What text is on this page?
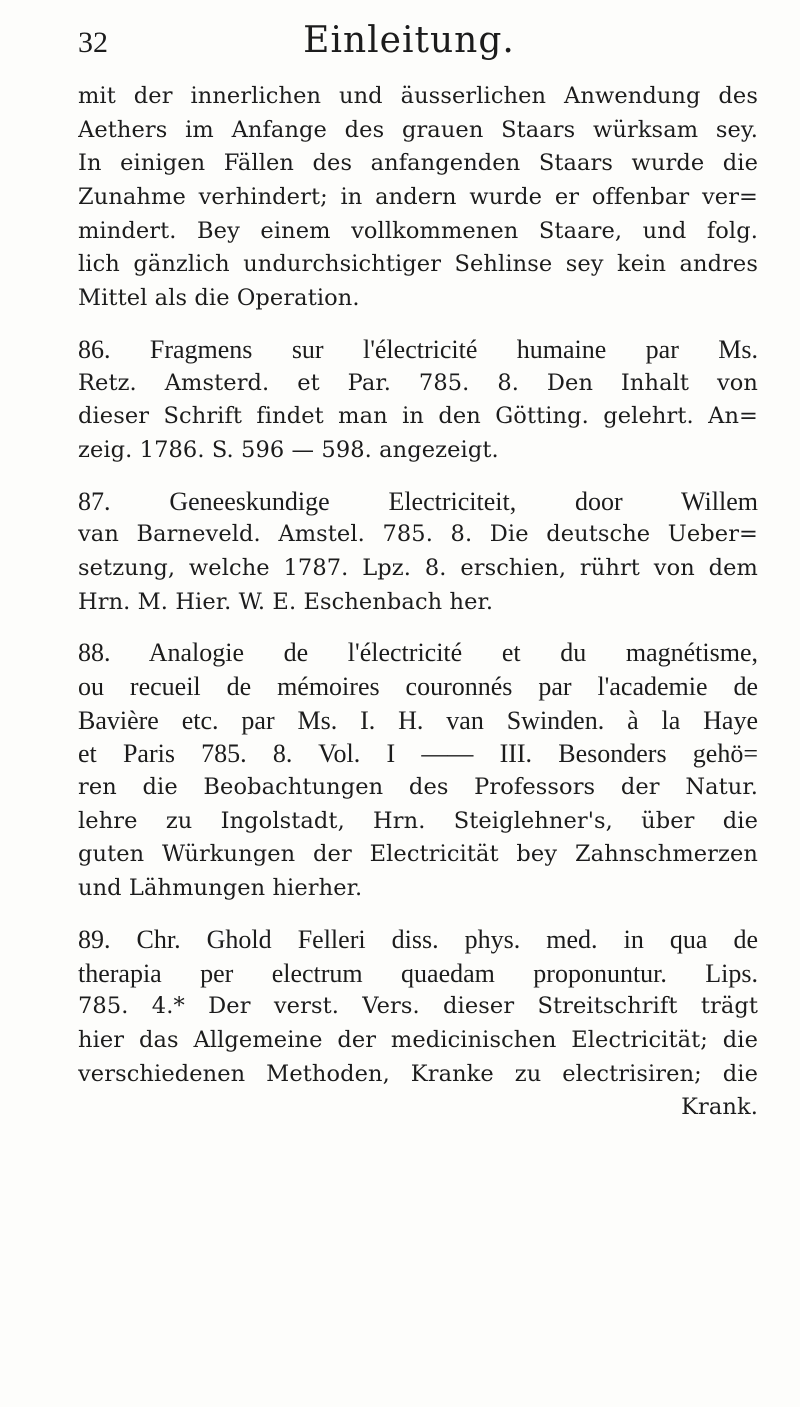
32	Einleitung.
mit der innerlichen und äusserlichen Anwendung des
Aethers im Anfange des grauen Staars würksam sey.
In einigen Fällen des anfangenden Staars wurde die
Zunahme verhindert; in andern wurde er offenbar ver=
mindert. Bey einem vollkommenen Staare, und folg.
lich gänzlich undurchsichtiger Sehlinse sey kein andres
Mittel als die Operation.
86. Fragmens sur l'électricité humaine par Ms.
Retz. Amsterd. et Par. 785. 8. Den Inhalt von
dieser Schrift findet man in den Götting. gelehrt. An=
zeig. 1786. S. 596 — 598. angezeigt.
87. Geneeskundige Electriciteit, door Willem
van Barneveld. Amstel. 785. 8. Die deutsche Ueber=
setzung, welche 1787. Lpz. 8. erschien, rührt von dem
Hrn. M. Hier. W. E. Eschenbach her.
88. Analogie de l'électricité et du magnétisme,
ou recueil de mémoires couronnés par l'academie de
Bavière etc. par Ms. I. H. van Swinden. à la Haye
et Paris 785. 8. Vol. I —— III. Besonders gehö=
ren die Beobachtungen des Professors der Natur.
lehre zu Ingolstadt, Hrn. Steiglehner's, über die
guten Würkungen der Electricität bey Zahnschmerzen
und Lähmungen hierher.
89. Chr. Ghold Felleri diss. phys. med. in qua de
therapia per electrum quaedam proponuntur. Lips.
785. 4.* Der verst. Vers. dieser Streitschrift trägt
hier das Allgemeine der medicinischen Electricität; die
verschiedenen Methoden, Kranke zu electrisiren; die
Krank.
